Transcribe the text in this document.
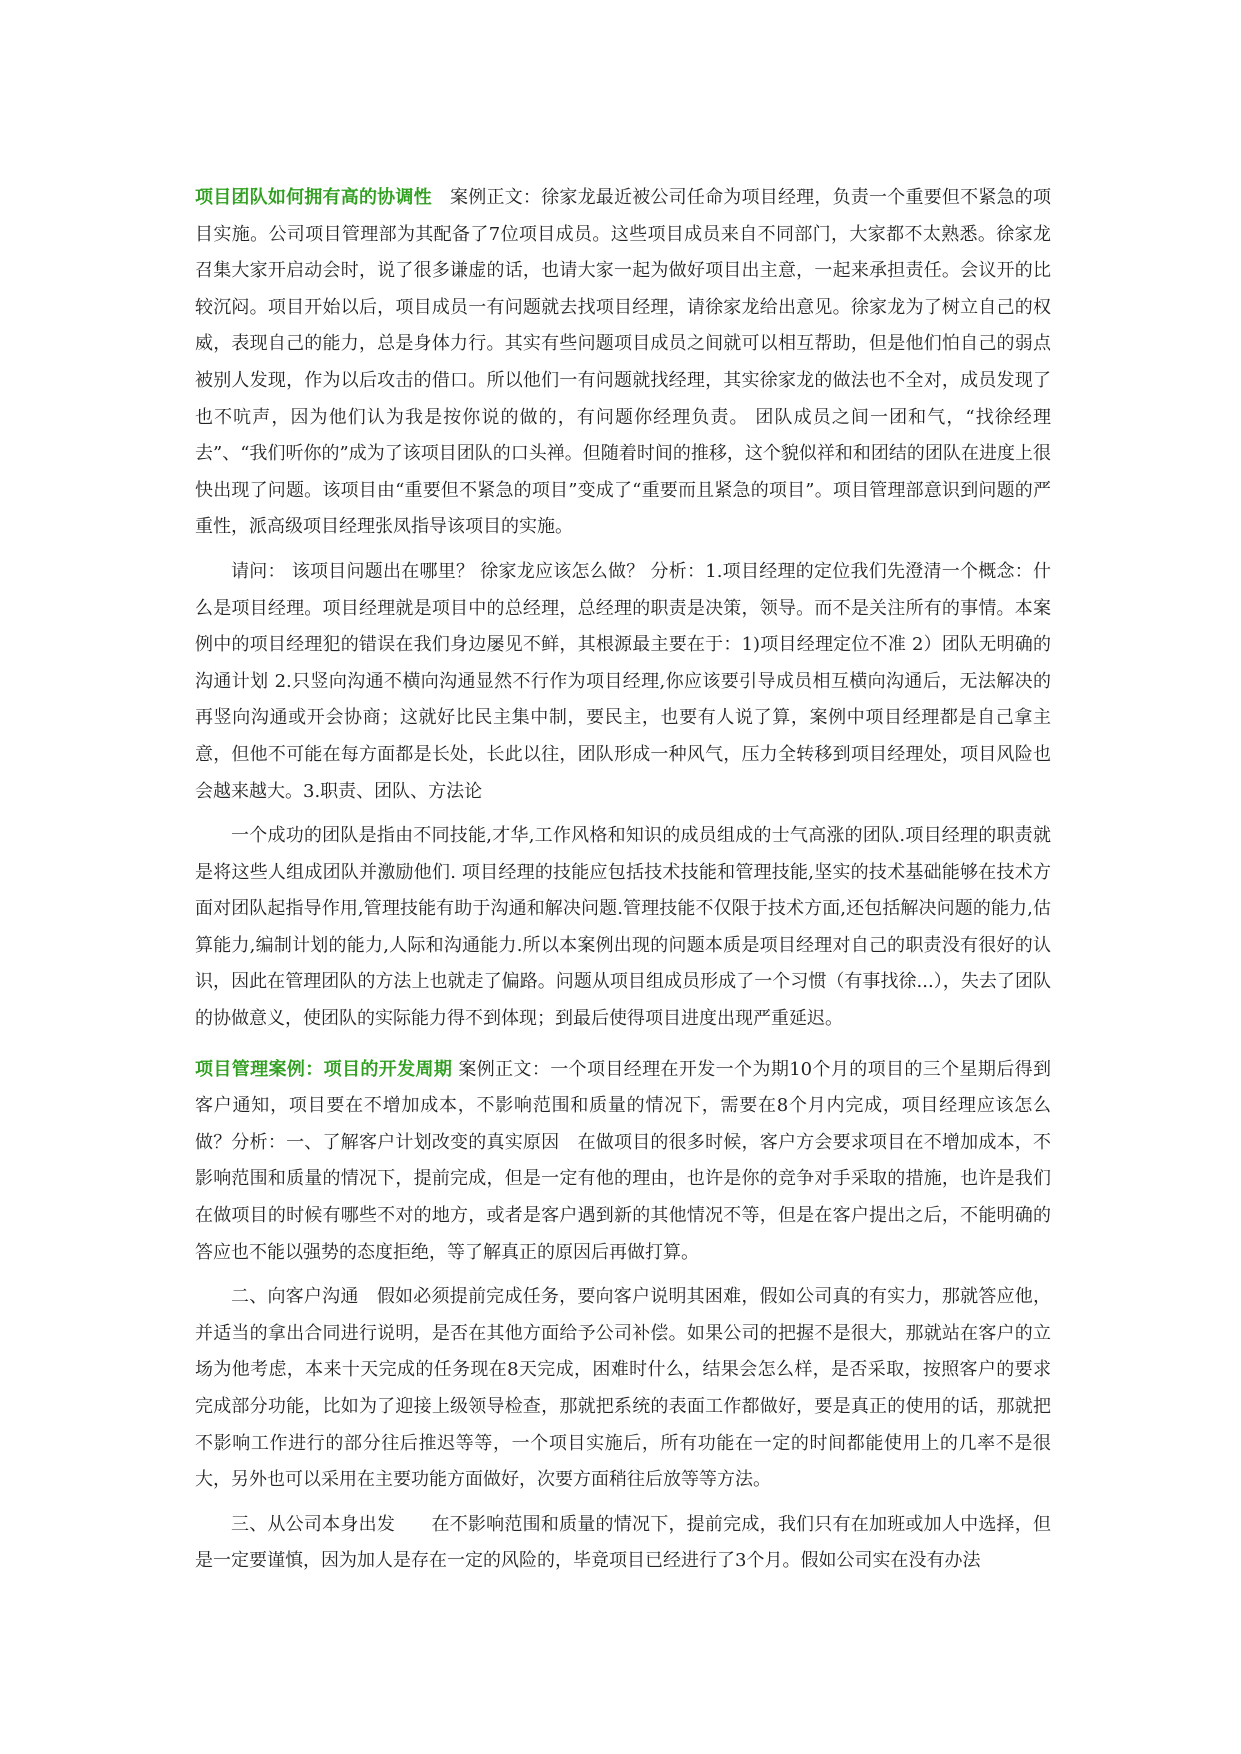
项目团队如何拥有高的协调性　案例正文：徐家龙最近被公司任命为项目经理，负责一个重要但不紧急的项目实施。公司项目管理部为其配备了7位项目成员。这些项目成员来自不同部门，大家都不太熟悉。徐家龙召集大家开启动会时，说了很多谦虚的话，也请大家一起为做好项目出主意，一起来承担责任。会议开的比较沉闷。项目开始以后，项目成员一有问题就去找项目经理，请徐家龙给出意见。徐家龙为了树立自己的权威，表现自己的能力，总是身体力行。其实有些问题项目成员之间就可以相互帮助，但是他们怕自己的弱点被别人发现，作为以后攻击的借口。所以他们一有问题就找经理，其实徐家龙的做法也不全对，成员发现了也不吭声，因为他们认为我是按你说的做的，有问题你经理负责。 团队成员之间一团和气，“找徐经理去”、“我们听你的”成为了该项目团队的口头禅。但随着时间的推移，这个貌似祥和和团结的团队在进度上很快出现了问题。该项目由“重要但不紧急的项目”变成了“重要而且紧急的项目”。项目管理部意识到问题的严重性，派高级项目经理张凤指导该项目的实施。

请问： 该项目问题出在哪里？ 徐家龙应该怎么做？ 分析：1.项目经理的定位我们先澄清一个概念：什么是项目经理。项目经理就是项目中的总经理，总经理的职责是决策，领导。而不是关注所有的事情。本案例中的项目经理犯的错误在我们身边屡见不鲜，其根源最主要在于：1)项目经理定位不准 2）团队无明确的沟通计划 2.只竖向沟通不横向沟通显然不行作为项目经理,你应该要引导成员相互横向沟通后，无法解决的再竖向沟通或开会协商；这就好比民主集中制，要民主，也要有人说了算，案例中项目经理都是自己拿主意，但他不可能在每方面都是长处，长此以往，团队形成一种风气，压力全转移到项目经理处，项目风险也会越来越大。3.职责、团队、方法论

一个成功的团队是指由不同技能,才华,工作风格和知识的成员组成的士气高涨的团队.项目经理的职责就是将这些人组成团队并激励他们. 项目经理的技能应包括技术技能和管理技能,坚实的技术基础能够在技术方面对团队起指导作用,管理技能有助于沟通和解决问题.管理技能不仅限于技术方面,还包括解决问题的能力,估算能力,编制计划的能力,人际和沟通能力.所以本案例出现的问题本质是项目经理对自己的职责没有很好的认识，因此在管理团队的方法上也就走了偏路。问题从项目组成员形成了一个习惯（有事找徐...），失去了团队的协做意义，使团队的实际能力得不到体现；到最后使得项目进度出现严重延迟。

项目管理案例：项目的开发周期 案例正文：一个项目经理在开发一个为期10个月的项目的三个星期后得到客户通知，项目要在不增加成本，不影响范围和质量的情况下，需要在8个月内完成，项目经理应该怎么做？分析：一、了解客户计划改变的真实原因　在做项目的很多时候，客户方会要求项目在不增加成本，不影响范围和质量的情况下，提前完成，但是一定有他的理由，也许是你的竞争对手采取的措施，也许是我们在做项目的时候有哪些不对的地方，或者是客户遇到新的其他情况不等，但是在客户提出之后，不能明确的答应也不能以强势的态度拒绝，等了解真正的原因后再做打算。

二、向客户沟通　假如必须提前完成任务，要向客户说明其困难，假如公司真的有实力，那就答应他，并适当的拿出合同进行说明，是否在其他方面给予公司补偿。如果公司的把握不是很大，那就站在客户的立场为他考虑，本来十天完成的任务现在8天完成，困难时什么，结果会怎么样，是否采取，按照客户的要求完成部分功能，比如为了迎接上级领导检查，那就把系统的表面工作都做好，要是真正的使用的话，那就把不影响工作进行的部分往后推迟等等，一个项目实施后，所有功能在一定的时间都能使用上的几率不是很大，另外也可以采用在主要功能方面做好，次要方面稍往后放等等方法。

三、从公司本身出发　　在不影响范围和质量的情况下，提前完成，我们只有在加班或加人中选择，但是一定要谨慎，因为加人是存在一定的风险的，毕竟项目已经进行了3个月。假如公司实在没有办法
